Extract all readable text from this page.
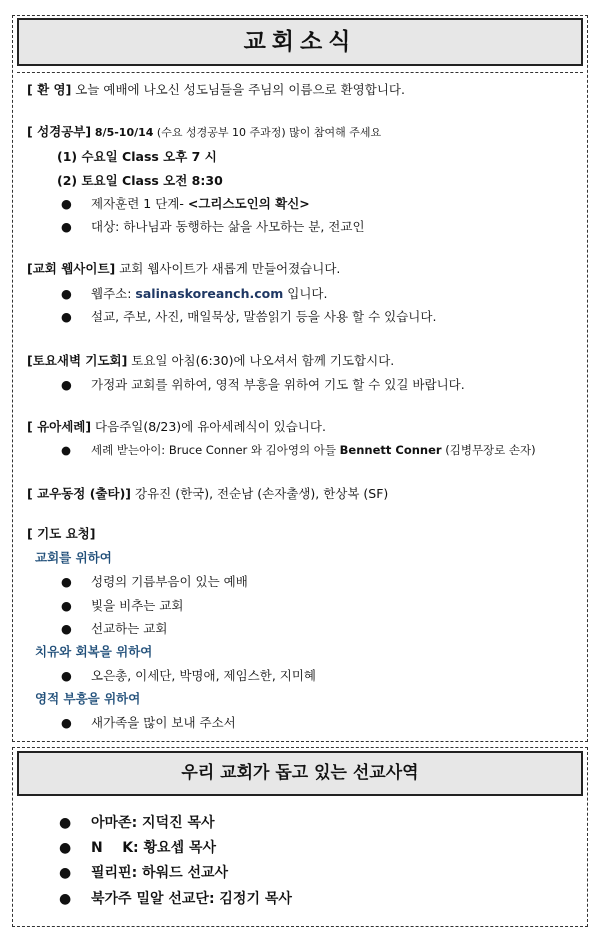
교회소식
[ 환 영] 오늘 예배에 나오신 성도님들을 주님의 이름으로 환영합니다.
[ 성경공부] 8/5-10/14 (수요 성경공부 10 주과정) 많이 참여해 주세요
(1) 수요일 Class 오후 7 시
(2) 토요일 Class 오전 8:30
● 제자훈련 1 단계- <그리스도인의 확신>
● 대상: 하나님과 동행하는 삶을 사모하는 분, 전교인
[교회 웹사이트] 교회 웹사이트가 새롭게 만들어졌습니다.
● 웹주소: salinaskoreanch.com 입니다.
● 설교, 주보, 사진, 매일묵상, 말씀읽기 등을 사용 할 수 있습니다.
[토요새벽 기도회] 토요일 아침(6:30)에 나오셔서 함께 기도합시다.
● 가정과 교회를 위하여, 영적 부흥을 위하여 기도 할 수 있길 바랍니다.
[ 유아세례] 다음주일(8/23)에 유아세례식이 있습니다.
● 세례 받는아이: Bruce Conner 와 김아영의 아들 Bennett Conner (김병무장로 손자)
[ 교우동정 (출타)] 강유진 (한국), 전순남 (손자출생), 한상복 (SF)
[ 기도 요청]
교회를 위하여
● 성령의 기름부음이 있는 예배
● 빛을 비추는 교회
● 선교하는 교회
치유와 회복을 위하여
● 오은총, 이세단, 박명애, 제임스한, 지미혜
영적 부흥을 위하여
● 새가족을 많이 보내 주소서
우리 교회가 돕고 있는 선교사역
● 아마존: 지덕진 목사
● N    K: 황요셉 목사
● 필리핀: 하워드 선교사
● 북가주 밀알 선교단: 김정기 목사
